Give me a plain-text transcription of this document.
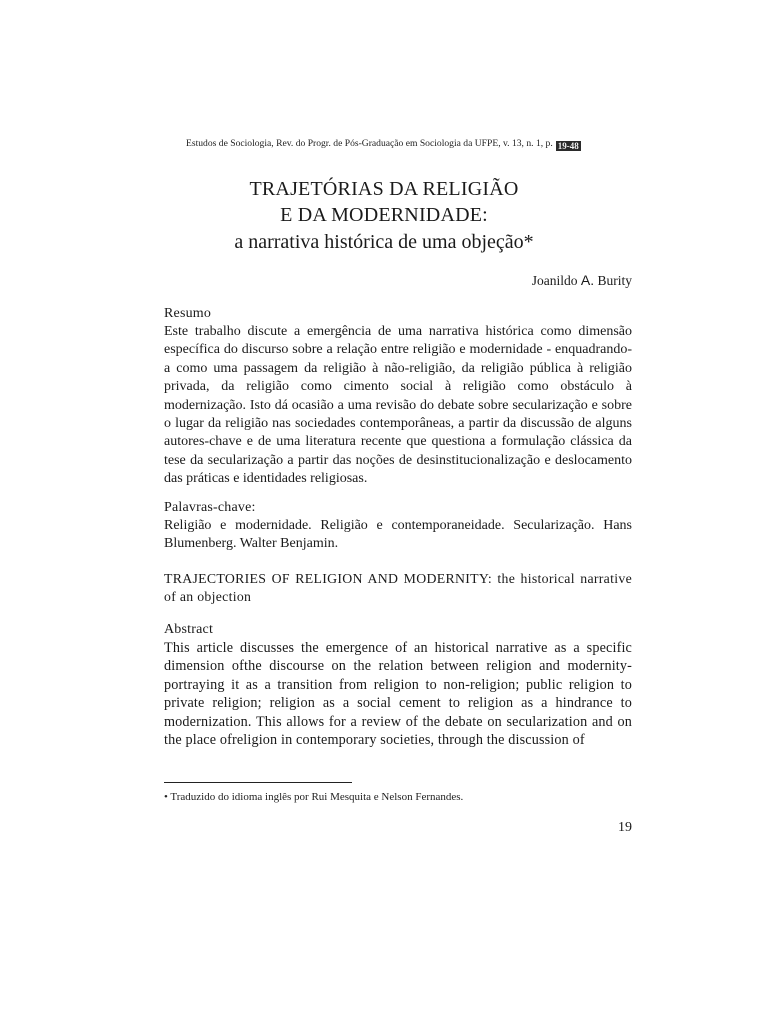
Estudos de Sociologia, Rev. do Progr. de Pós-Graduação em Sociologia da UFPE, v. 13, n. 1, p. 19-48
TRAJETÓRIAS DA RELIGIÃO
E DA MODERNIDADE:
a narrativa histórica de uma objeção*
Joanildo A. Burity
Resumo
Este trabalho discute a emergência de uma narrativa histórica como dimensão específica do discurso sobre a relação entre religião e modernidade - enquadrando-a como uma passagem da religião à não-religião, da religião pública à religião privada, da religião como cimento social à religião como obstáculo à modernização. Isto dá ocasião a uma revisão do debate sobre secularização e sobre o lugar da religião nas sociedades contemporâneas, a partir da discussão de alguns autores-chave e de uma literatura recente que questiona a formulação clássica da tese da secularização a partir das noções de desinstitucionalização e deslocamento das práticas e identidades religiosas.
Palavras-chave:
Religião e modernidade. Religião e contemporaneidade. Secularização. Hans Blumenberg. Walter Benjamin.
TRAJECTORIES OF RELIGION AND MODERNITY: the historical narrative of an objection
Abstract
This article discusses the emergence of an historical narrative as a specific dimension ofthe discourse on the relation between religion and modernity-portraying it as a transition from religion to non-religion; public religion to private religion; religion as a social cement to religion as a hindrance to modernization. This allows for a review of the debate on secularization and on the place ofreligion in contemporary societies, through the discussion of
• Traduzido do idioma inglês por Rui Mesquita e Nelson Fernandes.
19
